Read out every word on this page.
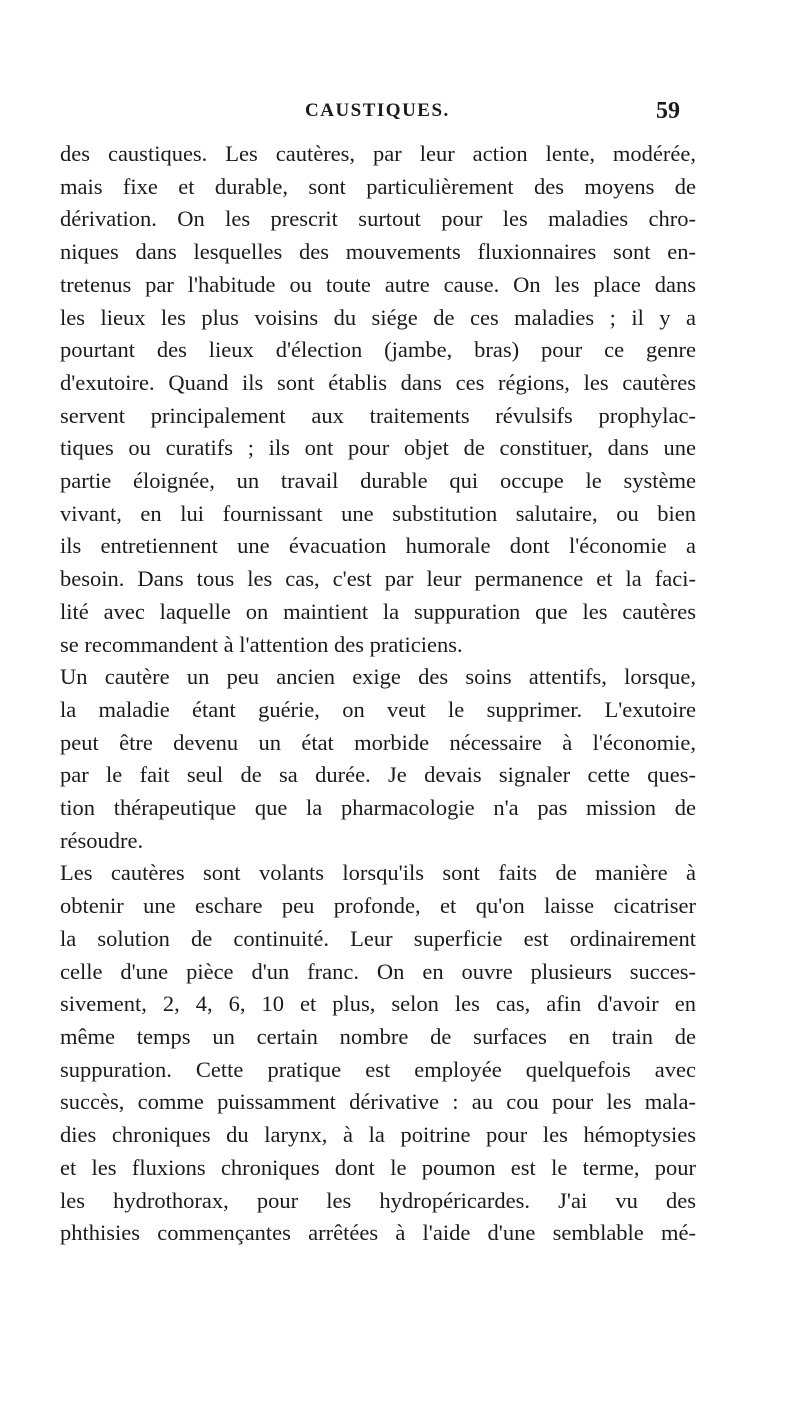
CAUSTIQUES.	59
des caustiques. Les cautères, par leur action lente, modérée,
mais fixe et durable, sont particulièrement des moyens de
dérivation. On les prescrit surtout pour les maladies chro-
niques dans lesquelles des mouvements fluxionnaires sont en-
tretenus par l'habitude ou toute autre cause. On les place dans
les lieux les plus voisins du siége de ces maladies ; il y a
pourtant des lieux d'élection (jambe, bras) pour ce genre
d'exutoire. Quand ils sont établis dans ces régions, les cautères
servent principalement aux traitements révulsifs prophylac-
tiques ou curatifs ; ils ont pour objet de constituer, dans une
partie éloignée, un travail durable qui occupe le système
vivant, en lui fournissant une substitution salutaire, ou bien
ils entretiennent une évacuation humorale dont l'économie a
besoin. Dans tous les cas, c'est par leur permanence et la faci-
lité avec laquelle on maintient la suppuration que les cautères
se recommandent à l'attention des praticiens.
Un cautère un peu ancien exige des soins attentifs, lorsque,
la maladie étant guérie, on veut le supprimer. L'exutoire
peut être devenu un état morbide nécessaire à l'économie,
par le fait seul de sa durée. Je devais signaler cette ques-
tion thérapeutique que la pharmacologie n'a pas mission de
résoudre.
Les cautères sont volants lorsqu'ils sont faits de manière à
obtenir une eschare peu profonde, et qu'on laisse cicatriser
la solution de continuité. Leur superficie est ordinairement
celle d'une pièce d'un franc. On en ouvre plusieurs succes-
sivement, 2, 4, 6, 10 et plus, selon les cas, afin d'avoir en
même temps un certain nombre de surfaces en train de
suppuration. Cette pratique est employée quelquefois avec
succès, comme puissamment dérivative : au cou pour les mala-
dies chroniques du larynx, à la poitrine pour les hémoptysies
et les fluxions chroniques dont le poumon est le terme, pour
les hydrothorax, pour les hydropéricardes. J'ai vu des
phthisies commençantes arrêtées à l'aide d'une semblable mé-
